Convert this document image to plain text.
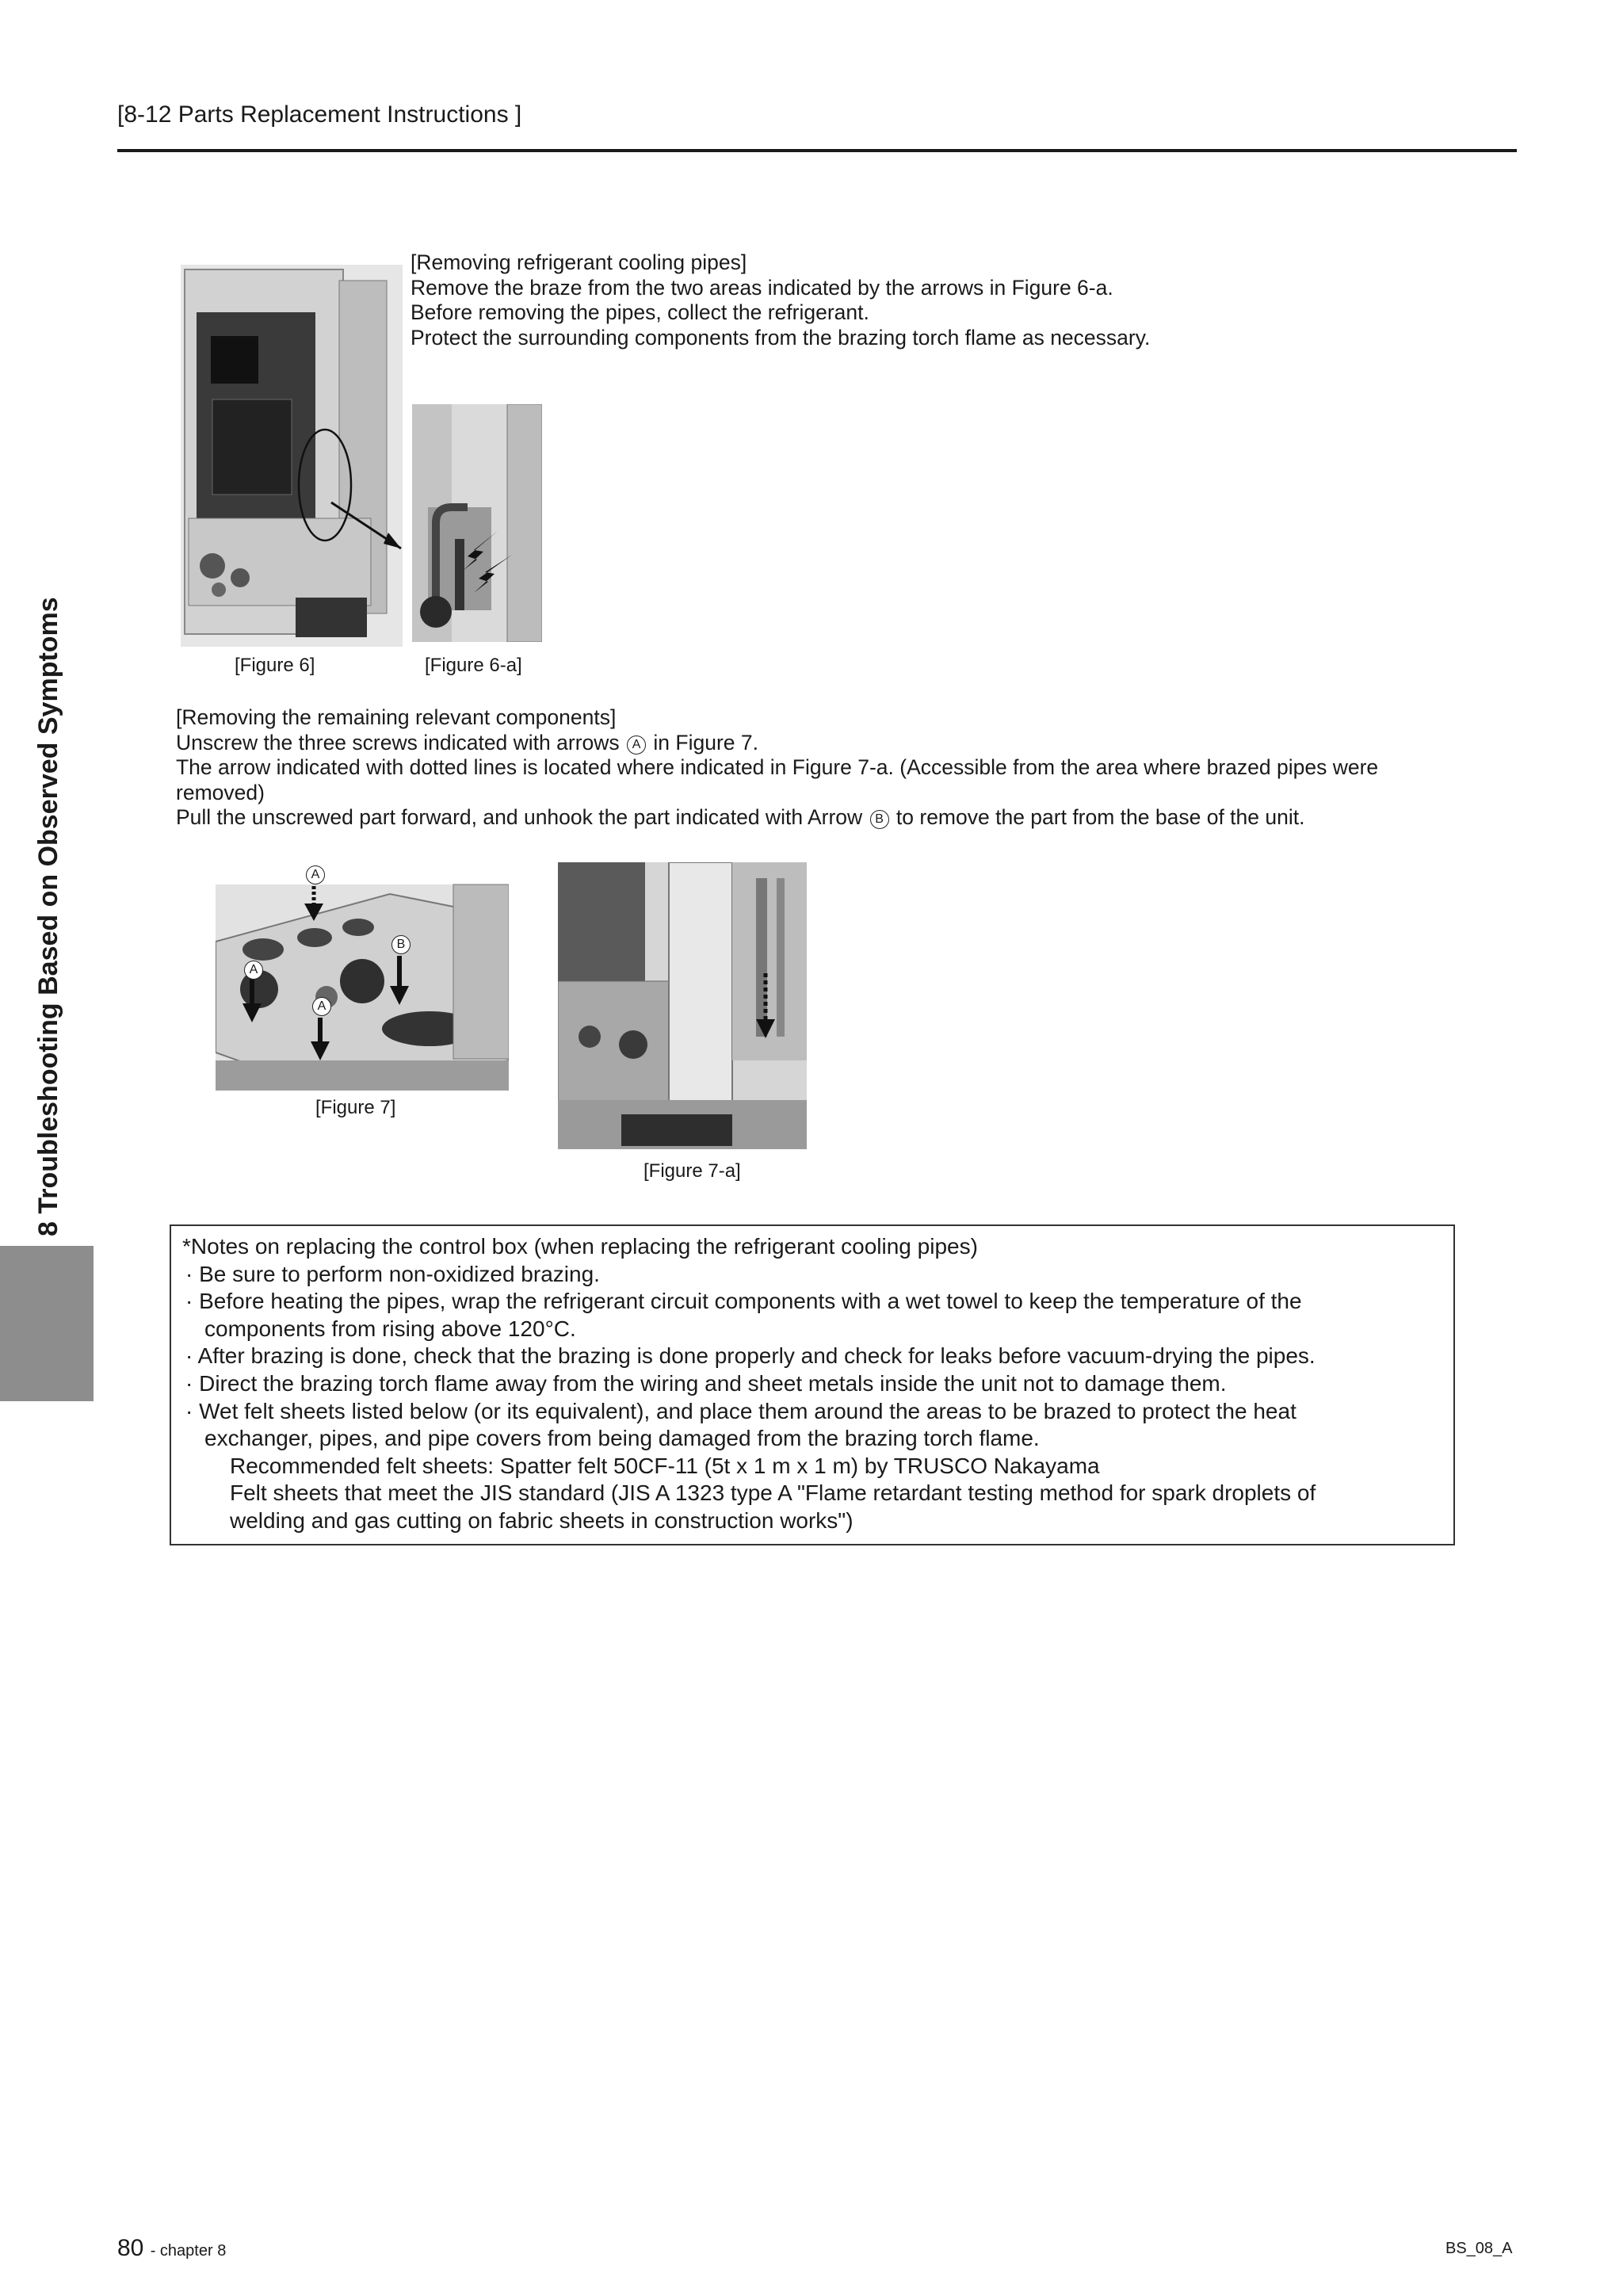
[8-12 Parts Replacement Instructions ]
8 Troubleshooting Based on Observed Symptoms	[Figure 6]	[Figure 6-a]
[Removing refrigerant cooling pipes]
Remove the braze from the two areas indicated by the arrows in Figure 6-a.
Before removing the pipes, collect the refrigerant.
Protect the surrounding components from the brazing torch flame as necessary.
[Removing the remaining relevant components]
Unscrew the three screws indicated with arrows A in Figure 7.
The arrow indicated with dotted lines is located where indicated in Figure 7-a. (Accessible from the area where brazed pipes were
removed)
Pull the unscrewed part forward, and unhook the part indicated with Arrow B to remove the part from the base of the unit.
A
A
A
B
[Figure 7]
[Figure 7-a]
*Notes on replacing the control box (when replacing the refrigerant cooling pipes)
· Be sure to perform non-oxidized brazing.
· Before heating the pipes, wrap the refrigerant circuit components with a wet towel to keep the temperature of the
components from rising above 120°C.
· After brazing is done, check that the brazing is done properly and check for leaks before vacuum-drying the pipes.
· Direct the brazing torch flame away from the wiring and sheet metals inside the unit not to damage them.
· Wet felt sheets listed below (or its equivalent), and place them around the areas to be brazed to protect the heat
exchanger, pipes, and pipe covers from being damaged from the brazing torch flame.
Recommended felt sheets: Spatter felt 50CF-11 (5t x 1 m x 1 m) by TRUSCO Nakayama
Felt sheets that meet the JIS standard (JIS A 1323 type A "Flame retardant testing method for spark droplets of
welding and gas cutting on fabric sheets in construction works")
80 - chapter 8	BS_08_A
